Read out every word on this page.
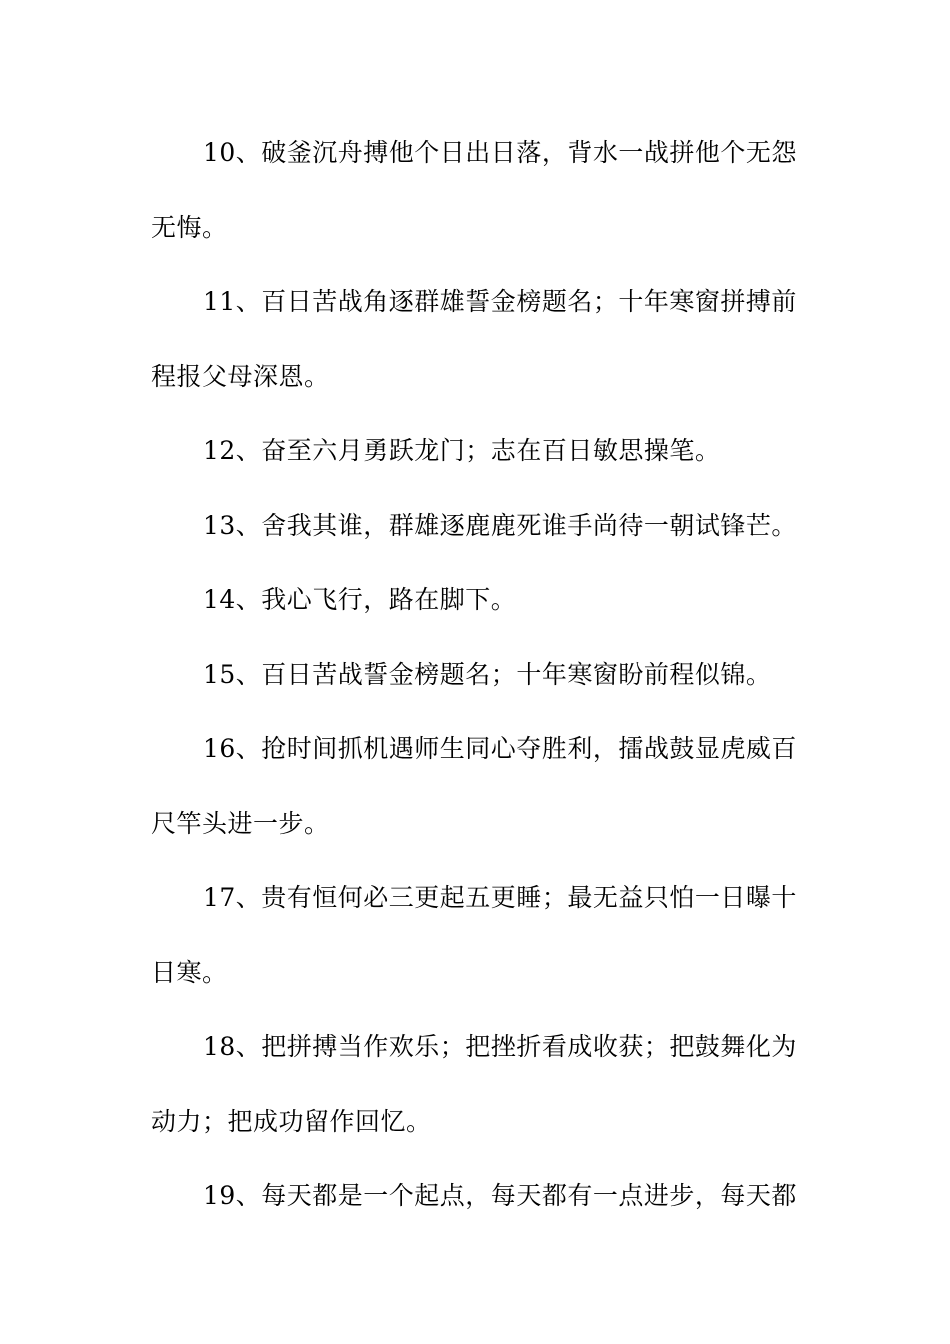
10、破釜沉舟搏他个日出日落，背水一战拼他个无怨
无悔。
11、百日苦战角逐群雄誓金榜题名；十年寒窗拼搏前
程报父母深恩。
12、奋至六月勇跃龙门；志在百日敏思操笔。
13、舍我其谁，群雄逐鹿鹿死谁手尚待一朝试锋芒。
14、我心飞行，路在脚下。
15、百日苦战誓金榜题名；十年寒窗盼前程似锦。
16、抢时间抓机遇师生同心夺胜利，擂战鼓显虎威百
尺竿头进一步。
17、贵有恒何必三更起五更睡；最无益只怕一日曝十
日寒。
18、把拼搏当作欢乐；把挫折看成收获；把鼓舞化为
动力；把成功留作回忆。
19、每天都是一个起点，每天都有一点进步，每天都
